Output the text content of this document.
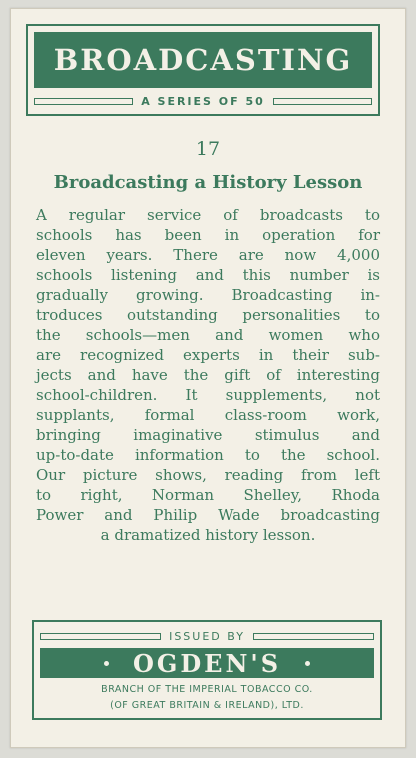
BROADCASTING
A SERIES OF 50
17
Broadcasting a History Lesson
A regular service of broadcasts to
schools has been in operation for
eleven years. There are now 4,000
schools listening and this number is
gradually growing. Broadcasting in-
troduces outstanding personalities to
the schools—men and women who
are recognized experts in their sub-
jects and have the gift of interesting
school-children. It supplements, not
supplants, formal class-room work,
bringing imaginative stimulus and
up-to-date information to the school.
Our picture shows, reading from left
to right, Norman Shelley, Rhoda
Power and Philip Wade broadcasting
a dramatized history lesson.
ISSUED BY
OGDEN'S
BRANCH OF THE IMPERIAL TOBACCO CO.
(OF GREAT BRITAIN & IRELAND), LTD.
